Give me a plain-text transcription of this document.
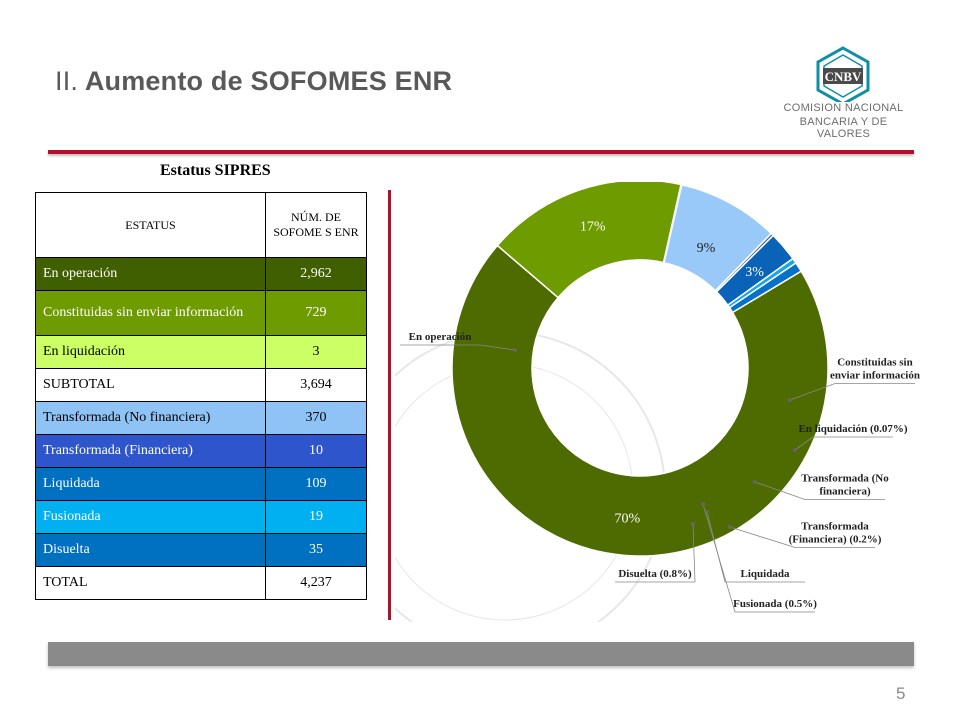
II. Aumento de SOFOMES ENR	CNBV
COMISION NACIONAL
BANCARIA Y DE VALORES
Estatus SIPRES
ESTATUS	NÚM. DE SOFOME S ENR
En operación	2,962
Constituidas sin enviar información	729
En liquidación	3
SUBTOTAL	3,694
Transformada (No financiera)	370
Transformada (Financiera)	10
Liquidada	109
Fusionada	19
Disuelta	35
TOTAL	4,237
70%
17%
9%
3%
En operación
Constituidas sin
enviar información
En liquidación (0.07%)
Transformada (No
financiera)
Transformada
(Financiera) (0.2%)
Liquidada
Fusionada (0.5%)
Disuelta (0.8%)
5
